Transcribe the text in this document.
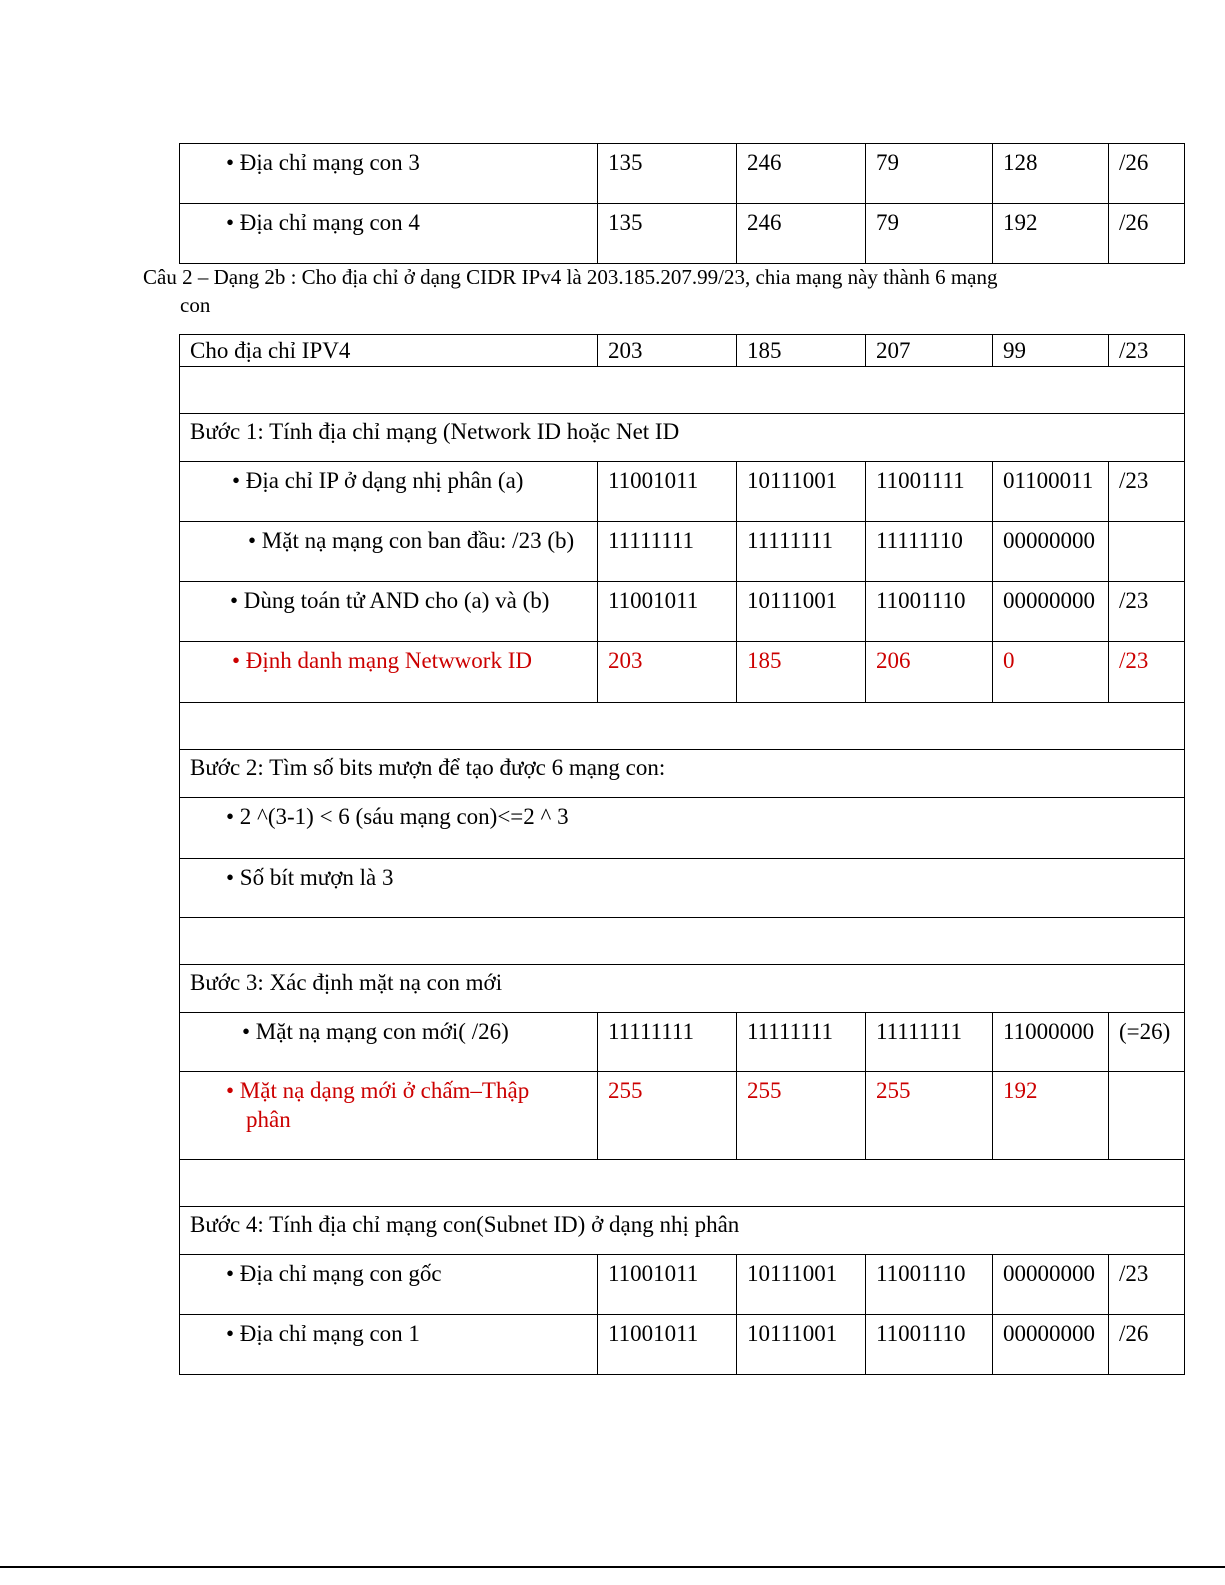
• Địa chỉ mạng con 3	135	246	79	128	/26
• Địa chỉ mạng con 4	135	246	79	192	/26
Câu 2 – Dạng 2b : Cho địa chỉ ở dạng CIDR IPv4 là 203.185.207.99/23, chia mạng này thành 6 mạng
con
Cho địa chỉ IPV4	203	185	207	99	/23

Bước 1: Tính địa chỉ mạng (Network ID hoặc Net ID					
• Địa chỉ IP ở dạng nhị phân (a)	11001011	10111001	11001111	01100011	/23
• Mặt nạ mạng con ban đầu: /23 (b)	11111111	11111111	11111110	00000000	
• Dùng toán tử AND cho (a) và (b)	11001011	10111001	11001110	00000000	/23
• Định danh mạng Netwwork ID	203	185	206	0	/23

Bước 2: Tìm số bits mượn để tạo được 6 mạng con:					
• 2 ^(3-1) < 6 (sáu mạng con)<=2 ^ 3					
• Số bít mượn là 3					

Bước 3: Xác định mặt nạ con mới					
• Mặt nạ mạng con mới( /26)	11111111	11111111	11111111	11000000	(=26)
• Mặt nạ dạng mới ở chấm–Thập
phân	255	255	255	192	

Bước 4: Tính địa chỉ mạng con(Subnet ID) ở dạng nhị phân					
• Địa chỉ mạng con gốc	11001011	10111001	11001110	00000000	/23
• Địa chỉ mạng con 1	11001011	10111001	11001110	00000000	/26
